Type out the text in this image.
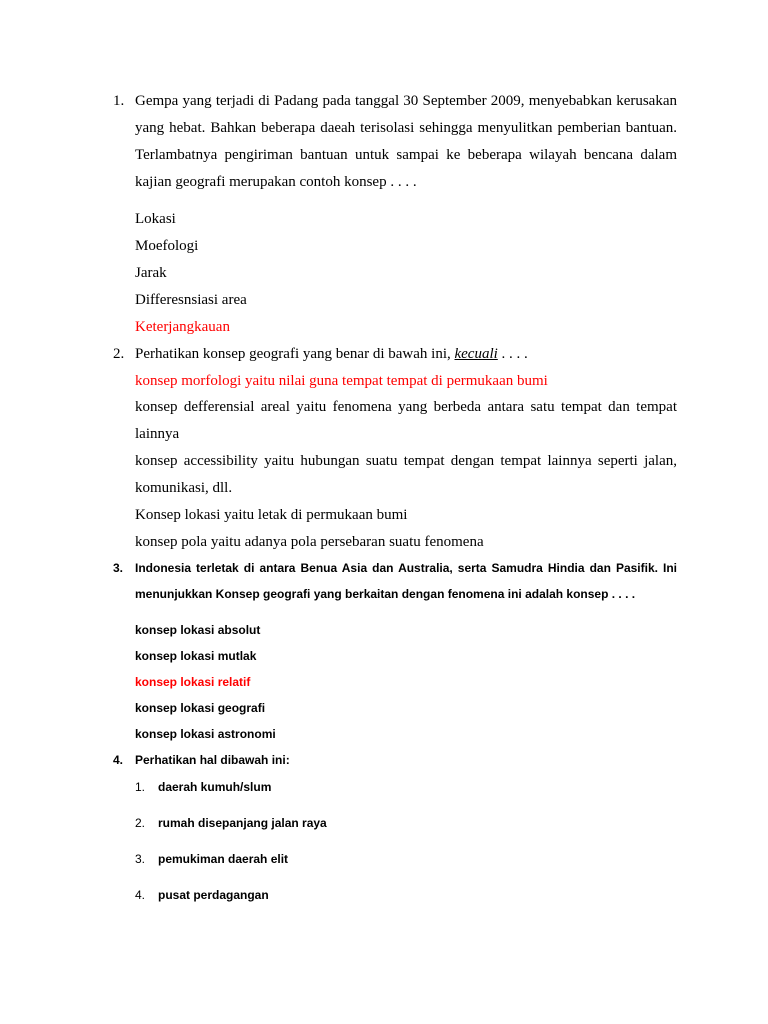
1. Gempa yang terjadi di Padang pada tanggal 30 September 2009, menyebabkan kerusakan
yang hebat. Bahkan beberapa daeah terisolasi sehingga menyulitkan pemberian bantuan.
Terlambatnya pengiriman bantuan untuk sampai ke beberapa wilayah bencana dalam
kajian geografi merupakan contoh konsep . . . .
Lokasi
Moefologi
Jarak
Differesnsiasi area
Keterjangkauan
2. Perhatikan konsep geografi yang benar di bawah ini, kecuali . . . .
konsep morfologi yaitu nilai guna tempat tempat di permukaan bumi
konsep defferensial areal yaitu fenomena yang berbeda antara satu tempat dan tempat
lainnya
konsep accessibility yaitu hubungan suatu tempat dengan tempat lainnya seperti jalan,
komunikasi, dll.
Konsep lokasi yaitu letak di permukaan bumi
konsep pola yaitu adanya pola persebaran suatu fenomena
3. Indonesia terletak di antara Benua Asia dan Australia, serta Samudra Hindia dan Pasifik. Ini
menunjukkan Konsep geografi yang berkaitan dengan fenomena ini adalah konsep . . . .
konsep lokasi absolut
konsep lokasi mutlak
konsep lokasi relatif
konsep lokasi geografi
konsep lokasi astronomi
4. Perhatikan hal dibawah ini:
1. daerah kumuh/slum
2. rumah disepanjang jalan raya
3. pemukiman daerah elit
4. pusat perdagangan
